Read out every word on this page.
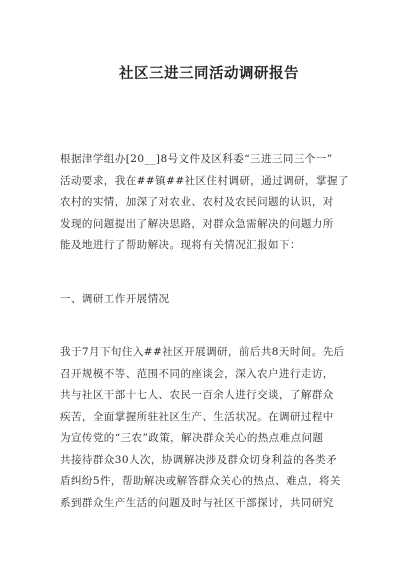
社区三进三同活动调研报告

根据津学组办[20__]8号文件及区科委“三进三同三个一”
活动要求，我在##镇##社区住村调研，通过调研，掌握了
农村的实情，加深了对农业、农村及农民问题的认识，对
发现的问题提出了解决思路，对群众急需解决的问题力所
能及地进行了帮助解决。现将有关情况汇报如下：

一、调研工作开展情况

我于7月下旬住入##社区开展调研，前后共8天时间。先后
召开规模不等、范围不同的座谈会，深入农户进行走访，
共与社区干部十七人、农民一百余人进行交谈，了解群众
疾苦，全面掌握所驻社区生产、生活状况。在调研过程中
为宣传党的“三农”政策，解决群众关心的热点难点问题
共接待群众30人次，协调解决涉及群众切身利益的各类矛
盾纠纷5件，帮助解决或解答群众关心的热点、难点，将关
系到群众生产生活的问题及时与社区干部探讨，共同研究
